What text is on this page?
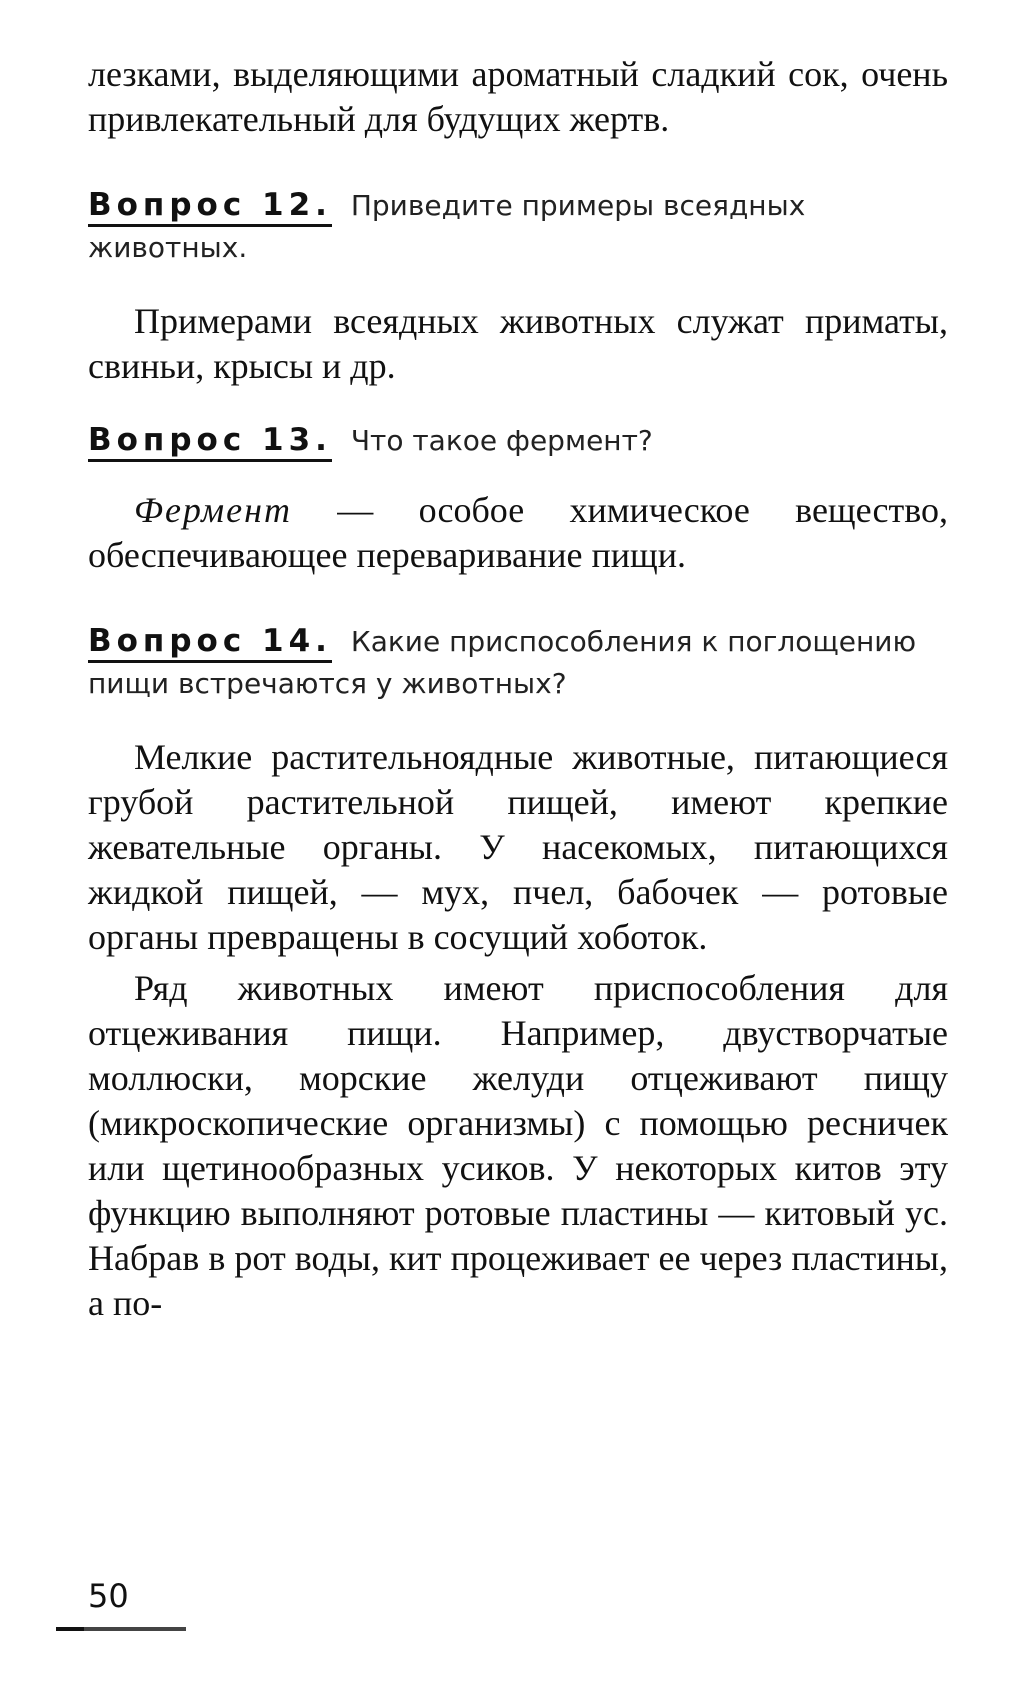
лезками, выделяющими ароматный сладкий сок, очень привлекательный для будущих жертв.

Вопрос 12. Приведите примеры всеядных животных.

Примерами всеядных животных служат приматы, свиньи, крысы и др.

Вопрос 13. Что такое фермент?

Фермент — особое химическое вещество, обеспечивающее переваривание пищи.

Вопрос 14. Какие приспособления к поглощению пищи встречаются у животных?

Мелкие растительноядные животные, питающиеся грубой растительной пищей, имеют крепкие жевательные органы. У насекомых, питающихся жидкой пищей, — мух, пчел, бабочек — ротовые органы превращены в сосущий хоботок.

Ряд животных имеют приспособления для отцеживания пищи. Например, двустворчатые моллюски, морские желуди отцеживают пищу (микроскопические организмы) с помощью ресничек или щетинообразных усиков. У некоторых китов эту функцию выполняют ротовые пластины — китовый ус. Набрав в рот воды, кит процеживает ее через пластины, а по-

50
